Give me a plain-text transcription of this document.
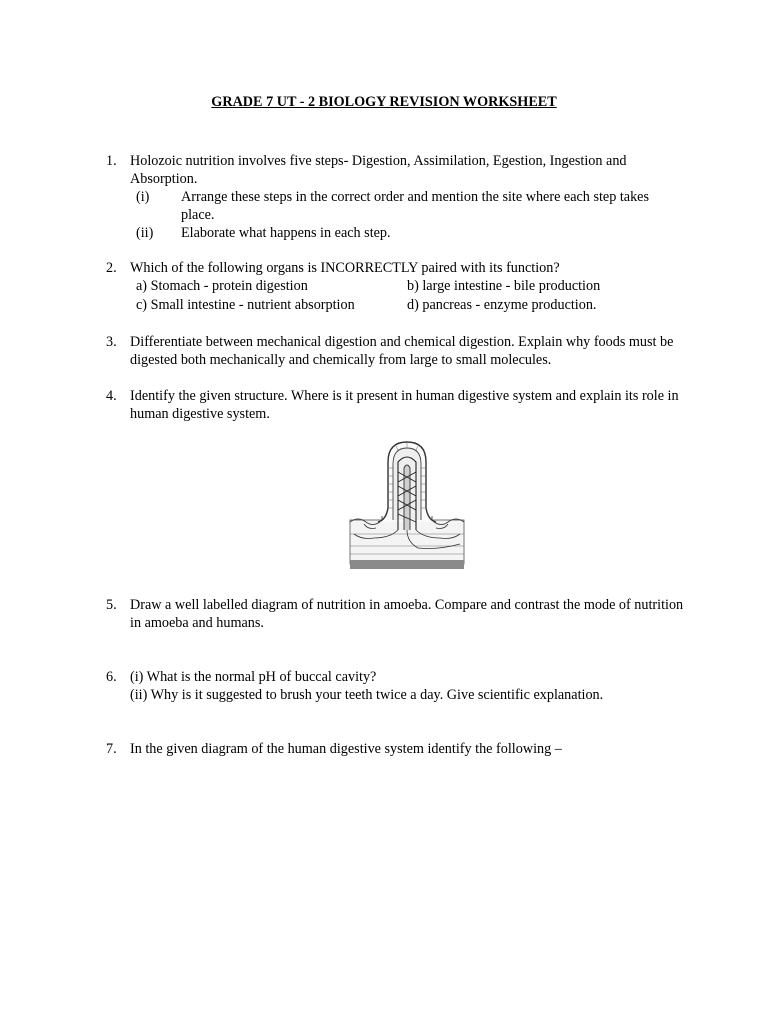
GRADE 7 UT - 2 BIOLOGY REVISION WORKSHEET
1. Holozoic nutrition involves five steps- Digestion, Assimilation, Egestion, Ingestion and Absorption.
(i) Arrange these steps in the correct order and mention the site where each step takes place.
(ii) Elaborate what happens in each step.
2. Which of the following organs is INCORRECTLY paired with its function?
a) Stomach - protein digestion	b) large intestine - bile production
c) Small intestine - nutrient absorption	d) pancreas - enzyme production.
3. Differentiate between mechanical digestion and chemical digestion. Explain why foods must be digested both mechanically and chemically from large to small molecules.
4. Identify the given structure. Where is it present in human digestive system and explain its role in human digestive system.
5. Draw a well labelled diagram of nutrition in amoeba. Compare and contrast the mode of nutrition in amoeba and humans.
6. (i) What is the normal pH of buccal cavity?
(ii) Why is it suggested to brush your teeth twice a day. Give scientific explanation.
7. In the given diagram of the human digestive system identify the following –
